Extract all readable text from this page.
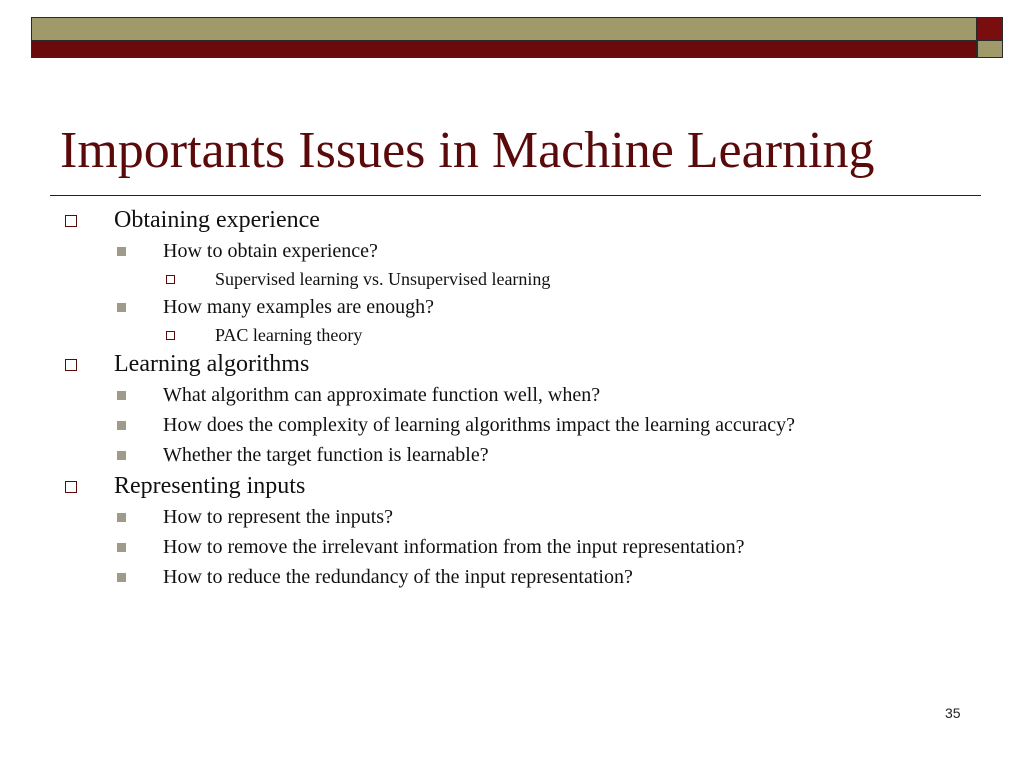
Importants Issues in Machine Learning
Obtaining experience
How to obtain experience?
Supervised learning vs. Unsupervised learning
How many examples are enough?
PAC learning theory
Learning algorithms
What algorithm can approximate function well, when?
How does the complexity of learning algorithms impact the learning accuracy?
Whether the target function is learnable?
Representing inputs
How to represent the inputs?
How to remove the irrelevant information from the input representation?
How to reduce the redundancy of the input representation?
35
